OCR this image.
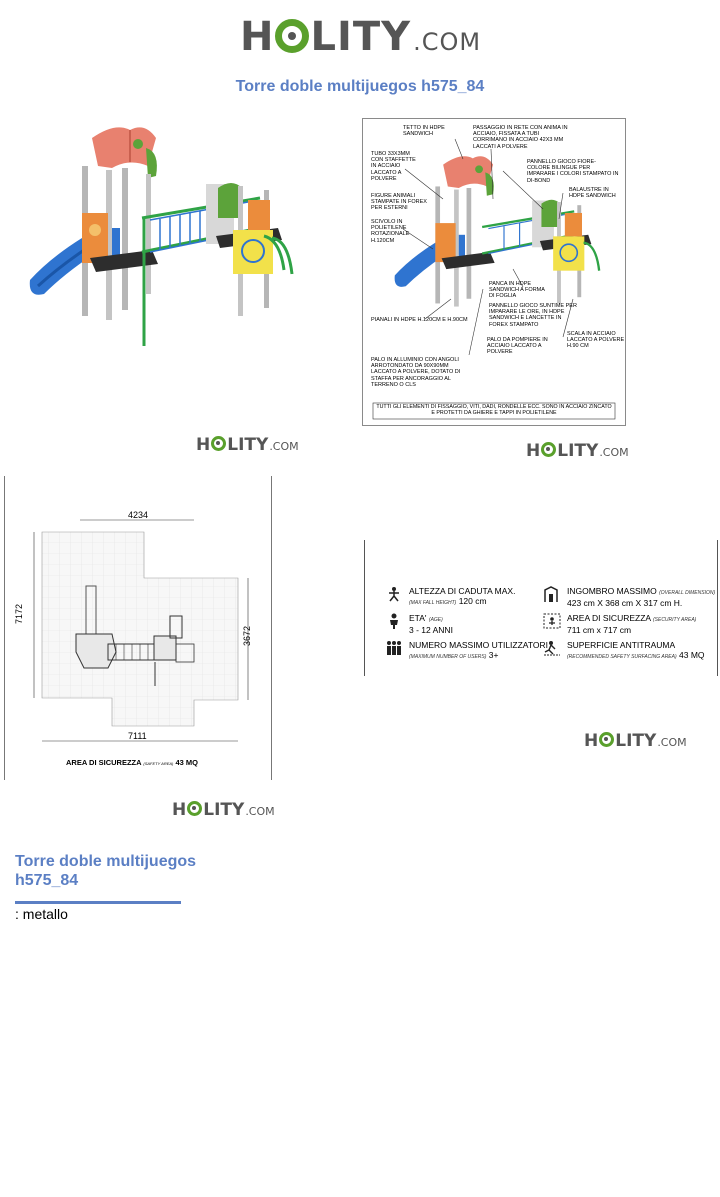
H LITY .COM
Torre doble multijuegos h575_84
H LITY .COM
TETTO IN HDPE SANDWICH
PASSAGGIO IN RETE CON ANIMA IN ACCIAIO, FISSATA A TUBI CORRIMANO IN ACCIAIO 42X3 MM LACCATI A POLVERE
TUBO 33X3MM CON STAFFETTE IN ACCIAIO LACCATO A POLVERE
PANNELLO GIOCO FIORE-COLORE BILINGUE PER IMPARARE I COLORI STAMPATO IN DI-BOND
FIGURE ANIMALI STAMPATE IN FOREX PER ESTERNI
BALAUSTRE IN HDPE SANDWICH
SCIVOLO IN POLIETILENE ROTAZIONALE H.120CM
PANCA IN HDPE SANDWICH A FORMA DI FOGLIA
PANNELLO GIOCO SUNTIME PER IMPARARE LE ORE, IN HDPE SANDWICH E LANCETTE IN FOREX STAMPATO
PIANALI IN HDPE H.120CM E H.90CM
PALO DA POMPIERE IN ACCIAIO LACCATO A POLVERE
SCALA IN ACCIAIO LACCATO A POLVERE H.90 CM
PALO IN ALLUMINIO CON ANGOLI ARROTONDATO DA 90X90MM LACCATO A POLVERE, DOTATO DI STAFFA PER ANCORAGGIO AL TERRENO O CLS
TUTTI GLI ELEMENTI DI FISSAGGIO, VITI, DADI, RONDELLE ECC. SONO IN ACCIAIO ZINCATO E PROTETTI DA GHIERE E TAPPI IN POLIETILENE
H LITY .COM
4234
7172
3672
7111
AREA DI SICUREZZA (SAFETY AREA) 43 MQ
H LITY .COM
ALTEZZA DI CADUTA MAX.
(MAX FALL HEIGHT) 120 cm
ETA' (AGE)
3 - 12 ANNI
NUMERO MASSIMO UTILIZZATORI
(MAXIMUM NUMBER OF USERS) 3+
INGOMBRO MASSIMO (OVERALL DIMENSION)
423 cm X 368 cm X 317 cm H.
AREA DI SICUREZZA (SECURITY AREA)
711 cm x 717 cm
SUPERFICIE ANTITRAUMA
(RECOMMENDED SAFETY SURFACING AREA) 43 MQ
H LITY .COM
Torre doble multijuegos h575_84
: metallo
